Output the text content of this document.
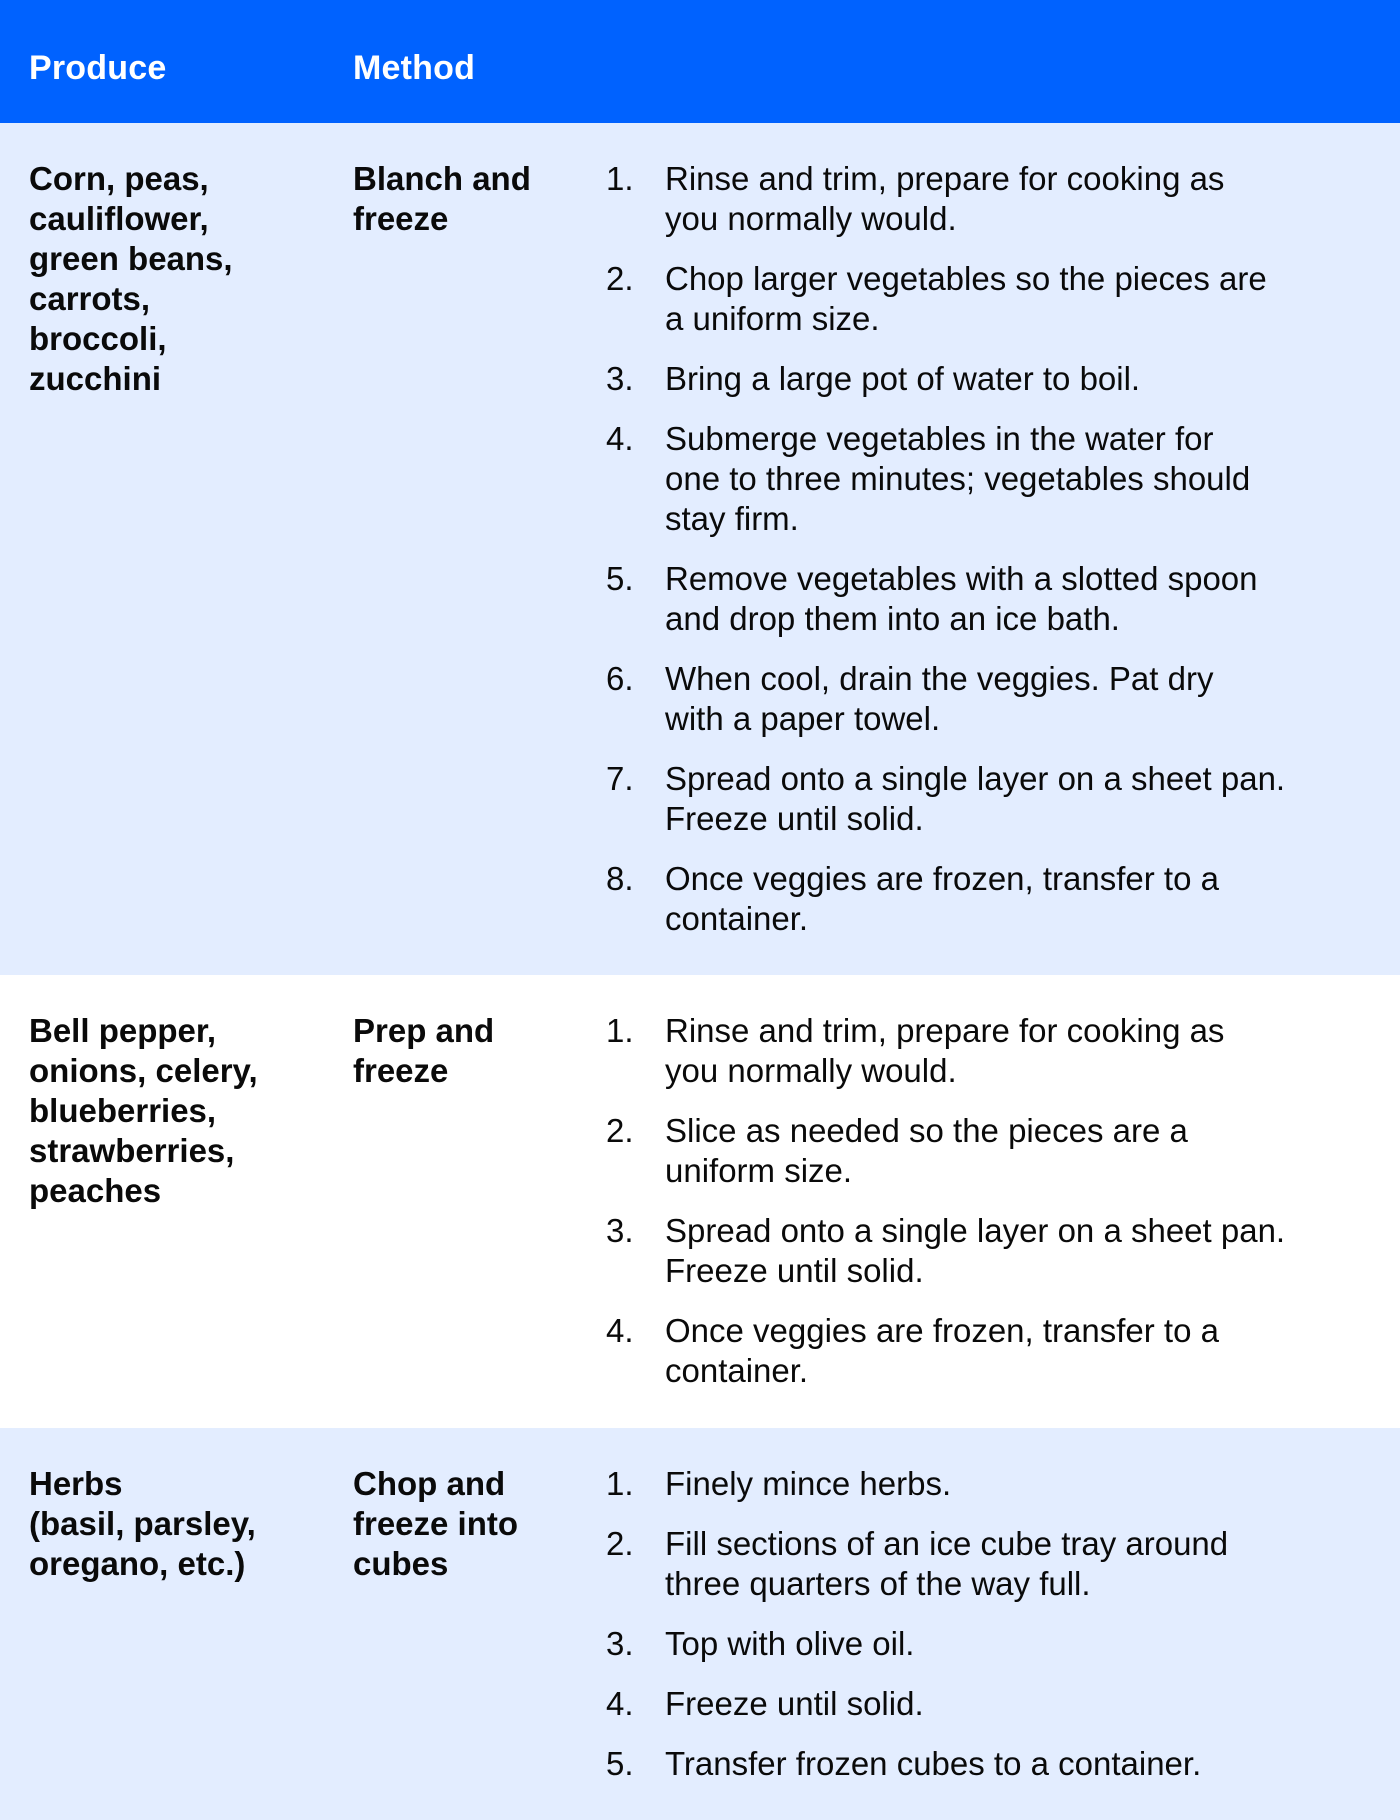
Produce	Method
Corn, peas,
cauliflower,
green beans,
carrots,
broccoli,
zucchini
Blanch and
freeze
1. Rinse and trim, prepare for cooking as
you normally would.
2. Chop larger vegetables so the pieces are
a uniform size.
3. Bring a large pot of water to boil.
4. Submerge vegetables in the water for
one to three minutes; vegetables should
stay firm.
5. Remove vegetables with a slotted spoon
and drop them into an ice bath.
6. When cool, drain the veggies. Pat dry
with a paper towel.
7. Spread onto a single layer on a sheet pan.
Freeze until solid.
8. Once veggies are frozen, transfer to a
container.
Bell pepper,
onions, celery,
blueberries,
strawberries,
peaches
Prep and
freeze
1. Rinse and trim, prepare for cooking as
you normally would.
2. Slice as needed so the pieces are a
uniform size.
3. Spread onto a single layer on a sheet pan.
Freeze until solid.
4. Once veggies are frozen, transfer to a
container.
Herbs
(basil, parsley,
oregano, etc.)
Chop and
freeze into
cubes
1. Finely mince herbs.
2. Fill sections of an ice cube tray around
three quarters of the way full.
3. Top with olive oil.
4. Freeze until solid.
5. Transfer frozen cubes to a container.
